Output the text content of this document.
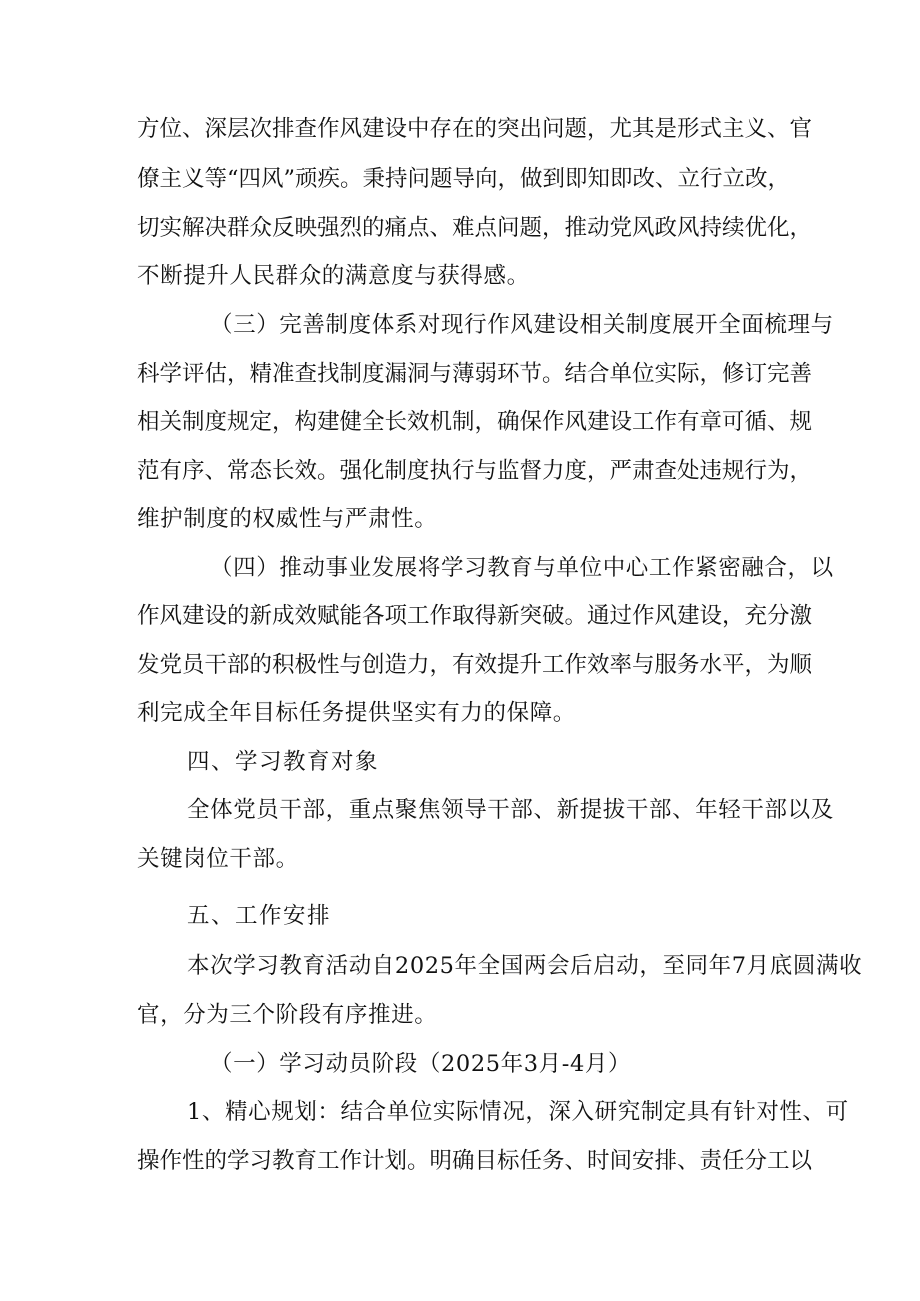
方位、深层次排查作风建设中存在的突出问题，尤其是形式主义、官
僚主义等“四风”顽疾。秉持问题导向，做到即知即改、立行立改，
切实解决群众反映强烈的痛点、难点问题，推动党风政风持续优化，
不断提升人民群众的满意度与获得感。
（三）完善制度体系对现行作风建设相关制度展开全面梳理与
科学评估，精准查找制度漏洞与薄弱环节。结合单位实际，修订完善
相关制度规定，构建健全长效机制，确保作风建设工作有章可循、规
范有序、常态长效。强化制度执行与监督力度，严肃查处违规行为，
维护制度的权威性与严肃性。
（四）推动事业发展将学习教育与单位中心工作紧密融合，以
作风建设的新成效赋能各项工作取得新突破。通过作风建设，充分激
发党员干部的积极性与创造力，有效提升工作效率与服务水平，为顺
利完成全年目标任务提供坚实有力的保障。
四、学习教育对象
全体党员干部，重点聚焦领导干部、新提拔干部、年轻干部以及
关键岗位干部。
五、工作安排
本次学习教育活动自2025年全国两会后启动，至同年7月底圆满收
官，分为三个阶段有序推进。
（一）学习动员阶段（2025年3月-4月）
1、精心规划：结合单位实际情况，深入研究制定具有针对性、可
操作性的学习教育工作计划。明确目标任务、时间安排、责任分工以
